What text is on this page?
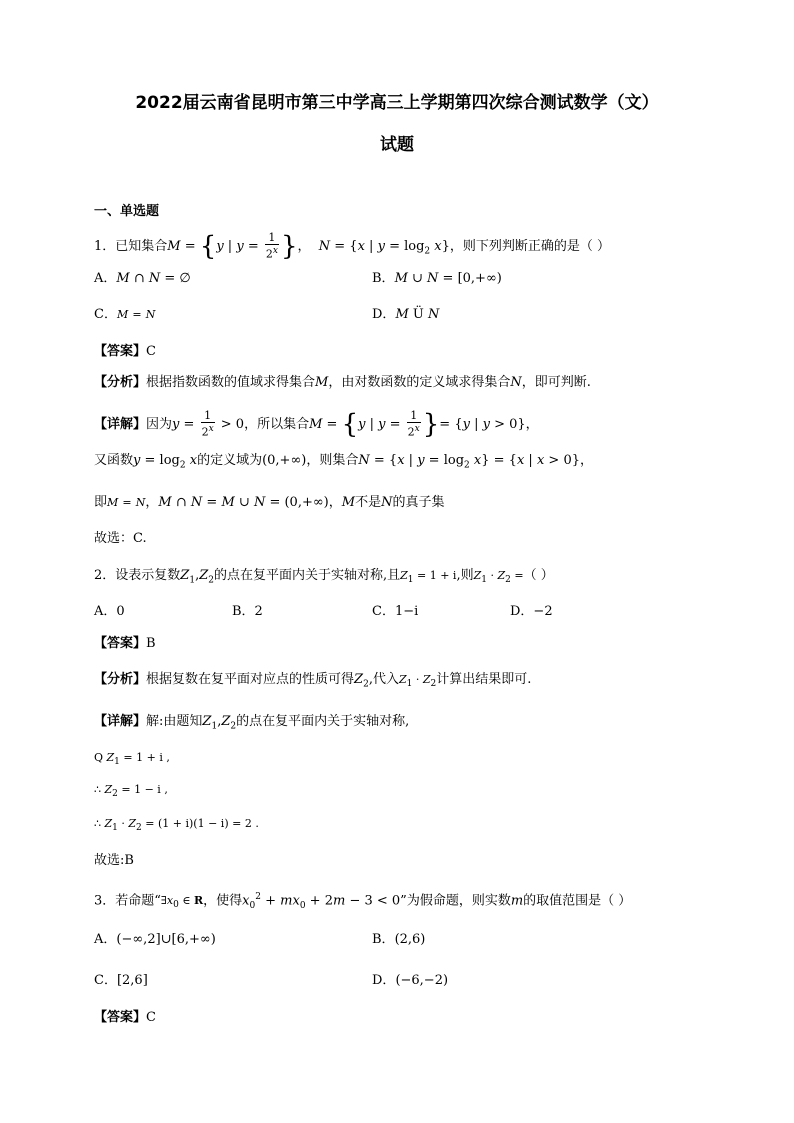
2022届云南省昆明市第三中学高三上学期第四次综合测试数学（文）
试题
一、单选题
1．已知集合M = {y | $y = \frac{1}{2^x}$ }， N = {x | $y = \log_2 x$}，则下列判断正确的是（ ）
A．M ∩ N = ∅	B．M ∪ N = [0,+∞)
C．M = N	D．M Ü N
【答案】C
【分析】根据指数函数的值域求得集合M，由对数函数的定义域求得集合N，即可判断.
【详解】因为$y = \frac{1}{2^x} > 0$，所以集合M = {y | $y = \frac{1}{2^x}$ }= {y | y > 0}，
又函数$y = \log_2 x$的定义域为(0,+∞)，则集合N = {x | $y = \log_2 x\} = \{x$ | x > 0}，
即M = N，M ∩ N = M ∪ N = (0,+∞)，M不是N的真子集
故选：C.
2．设表示复数$Z_1,Z_2$的点在复平面内关于实轴对称,且$Z_1 = 1 + i$,则$Z_1 \cdot Z_2$ =（ ）
A．0	B．2	C．1−i	D．−2
【答案】B
【分析】根据复数在复平面对应点的性质可得$Z_2$,代入$Z_1 \cdot Z_2$计算出结果即可.
【详解】解:由题知$Z_1,Z_2$的点在复平面内关于实轴对称,
Q $Z_1 = 1 + i$ ,
∴ $Z_2 = 1 - i$ ,
∴ $Z_1 \cdot Z_2 = (1 + i)(1 - i) = 2$ .
故选:B
3．若命题“$\exists x_0$ ∈ R，使得$x_0^2 + mx_0 + 2m - 3 < 0$”为假命题，则实数m的取值范围是（ ）
A．(−∞,2]∪[6,+∞)	B．(2,6)
C．[2,6]	D．(−6,−2)
【答案】C
